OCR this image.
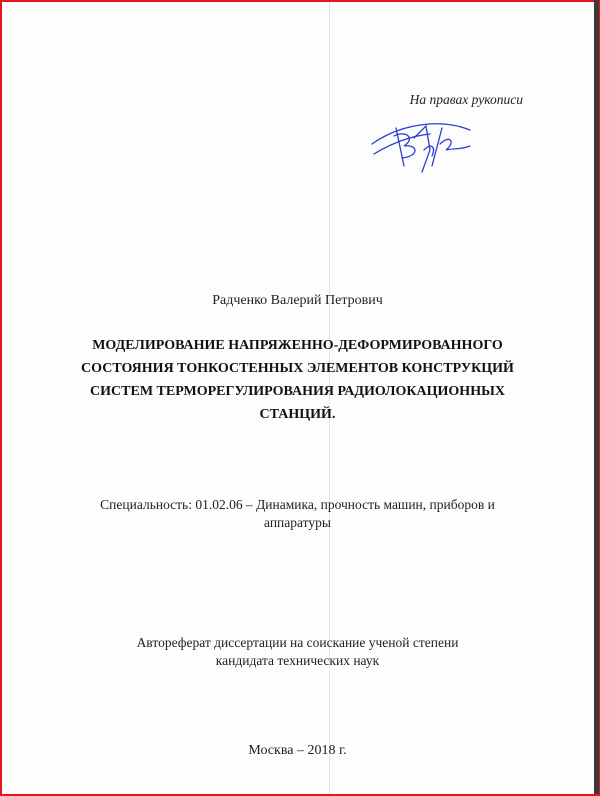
На правах рукописи
Радченко Валерий Петрович
МОДЕЛИРОВАНИЕ НАПРЯЖЕННО-ДЕФОРМИРОВАННОГО
СОСТОЯНИЯ ТОНКОСТЕННЫХ ЭЛЕМЕНТОВ КОНСТРУКЦИЙ
СИСТЕМ ТЕРМОРЕГУЛИРОВАНИЯ РАДИОЛОКАЦИОННЫХ
СТАНЦИЙ.
Специальность: 01.02.06 – Динамика, прочность машин, приборов и
аппаратуры
Автореферат диссертации на соискание ученой степени
кандидата технических наук
Москва – 2018 г.
